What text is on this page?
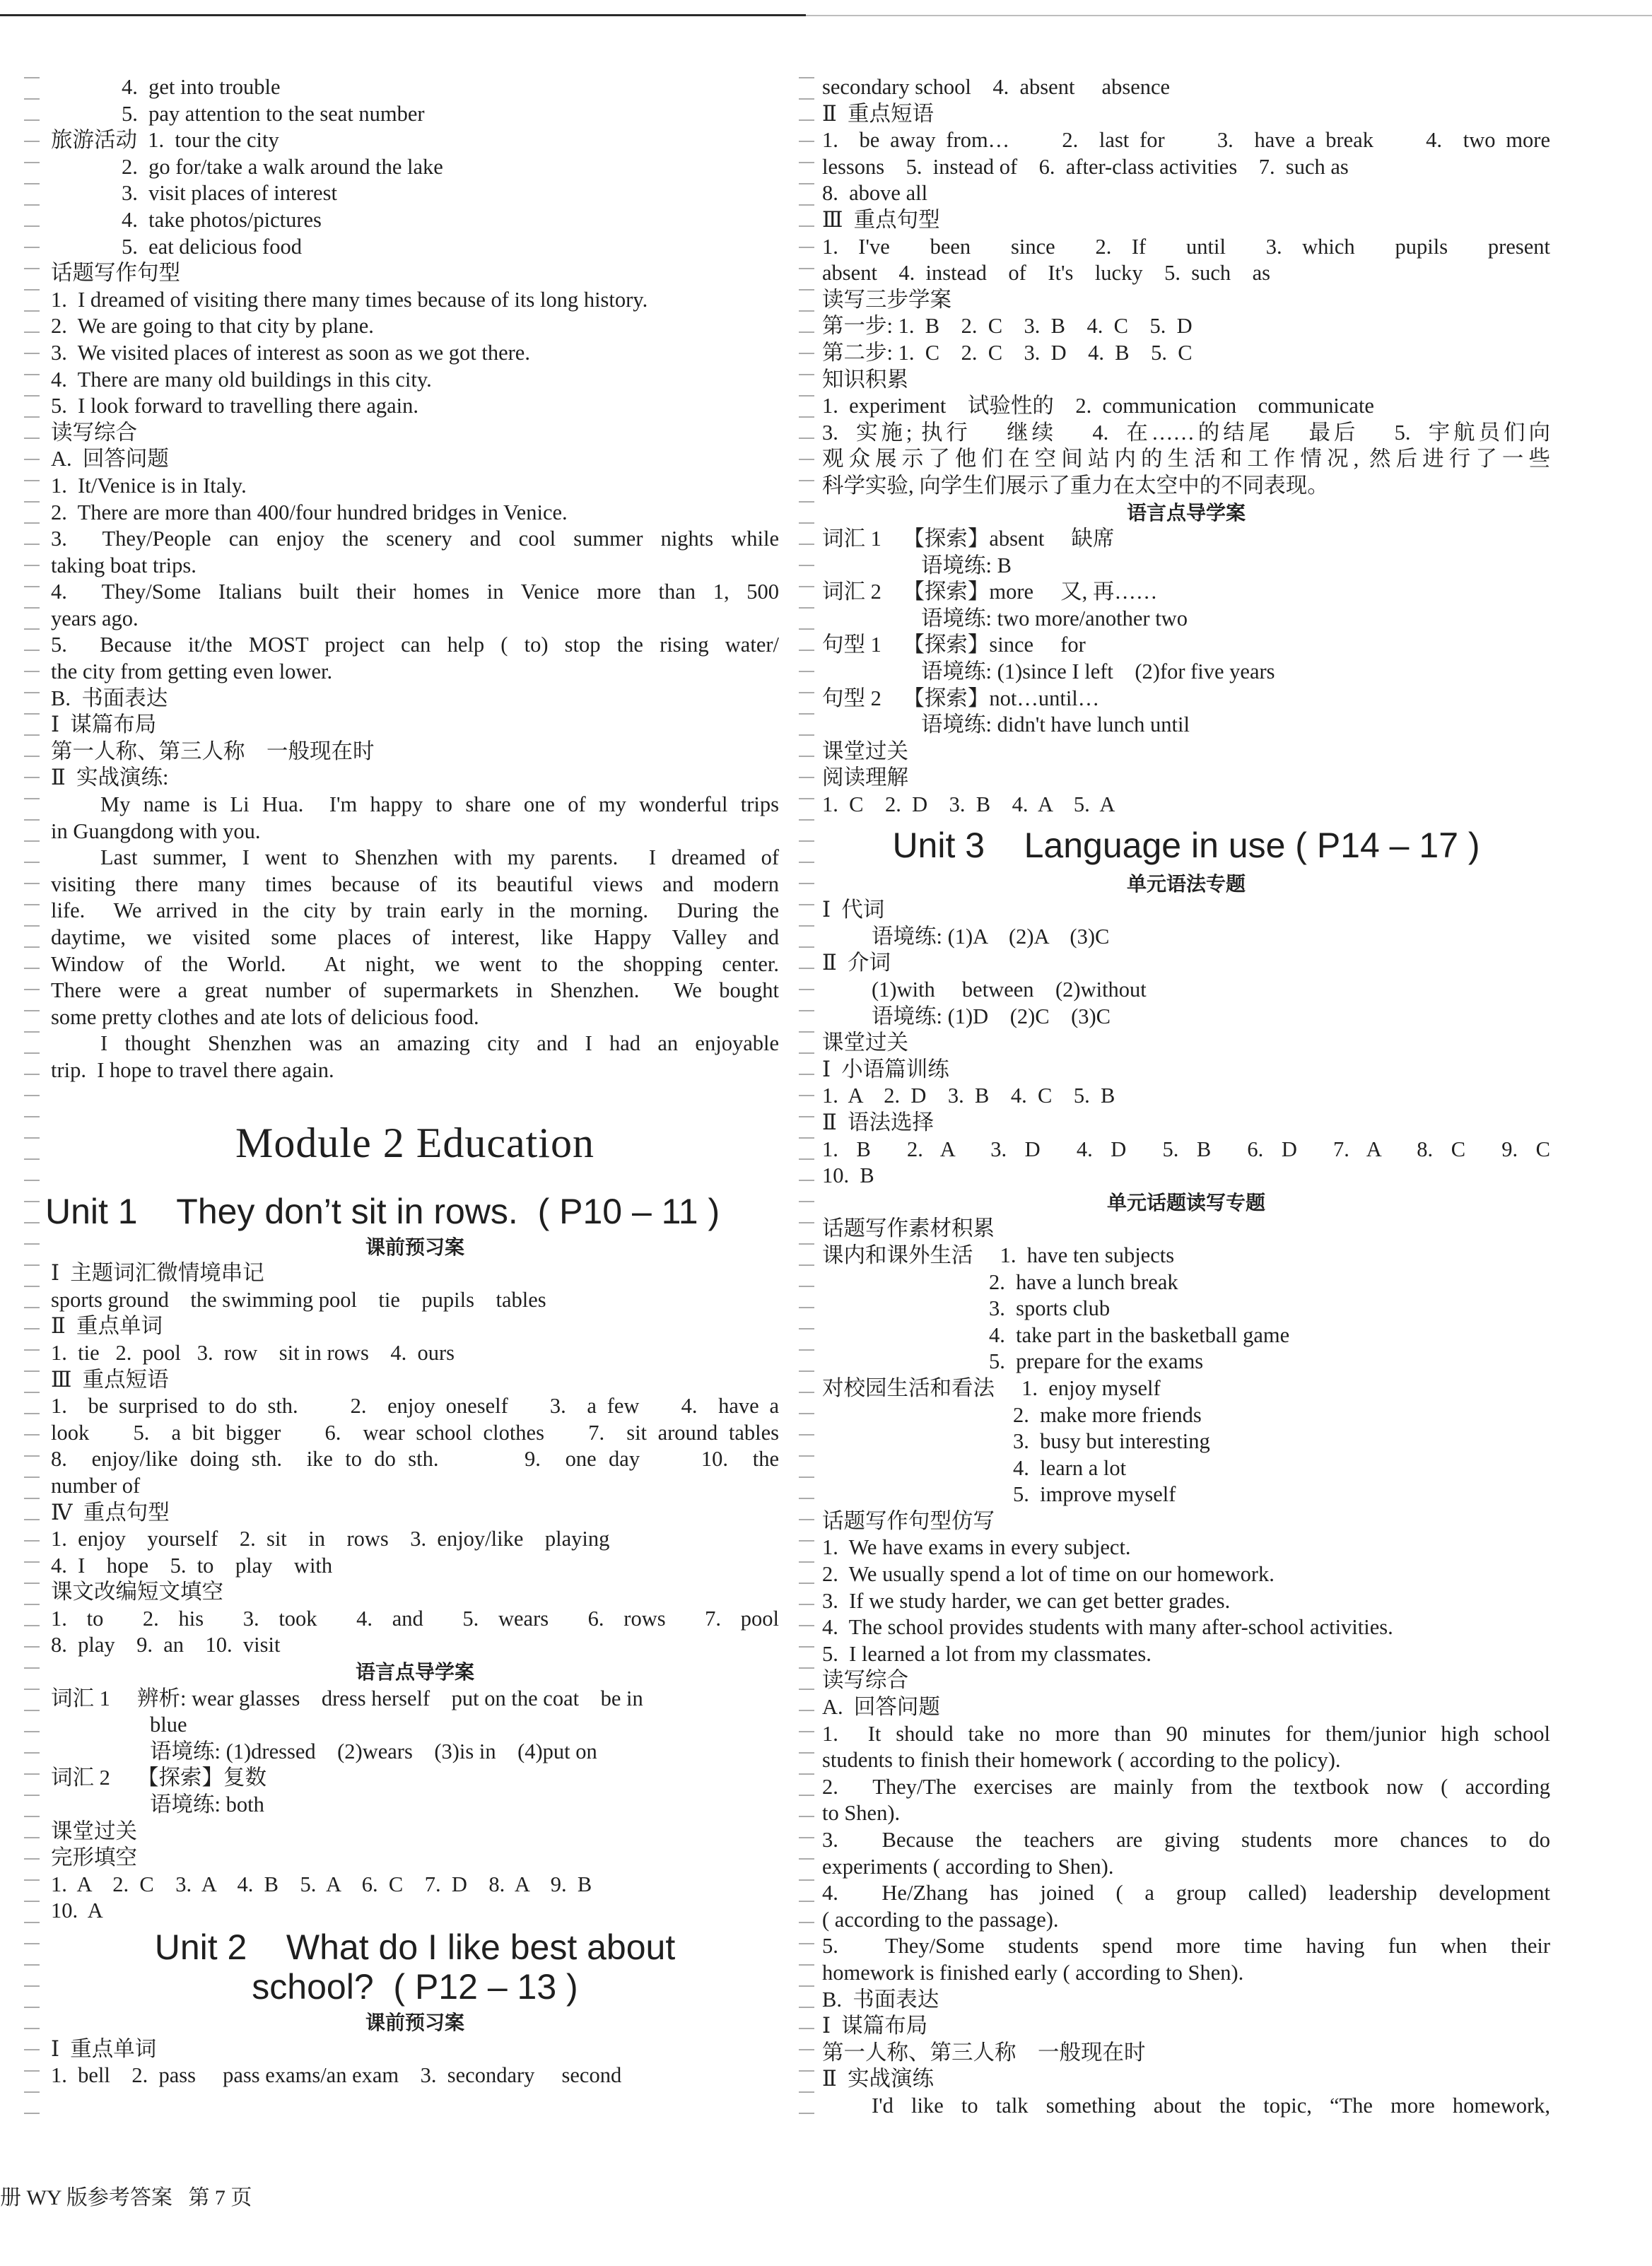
4.  get into trouble
5.  pay attention to the seat number
旅游活动  1.  tour the city
2.  go for/take a walk around the lake
3.  visit places of interest
4.  take photos/pictures
5.  eat delicious food
话题写作句型
1.  I dreamed of visiting there many times because of its long history.
2.  We are going to that city by plane.
3.  We visited places of interest as soon as we got there.
4.  There are many old buildings in this city.
5.  I look forward to travelling there again.
读写综合
A.  回答问题
1.  It/Venice is in Italy.
2.  There are more than 400/four hundred bridges in Venice.
3.  They/People can enjoy the scenery and cool summer nights while
taking boat trips.
4.  They/Some Italians built their homes in Venice more than 1, 500
years ago.
5.  Because it/the MOST project can help ( to) stop the rising water/
the city from getting even lower.
B.  书面表达
Ⅰ  谋篇布局
第一人称、第三人称    一般现在时
Ⅱ  实战演练:
My name is Li Hua.  I'm happy to share one of my wonderful trips
in Guangdong with you.
Last summer, I went to Shenzhen with my parents.  I dreamed of
visiting there many times because of its beautiful views and modern
life.  We arrived in the city by train early in the morning.  During the
daytime, we visited some places of interest, like Happy Valley and
Window of the World.  At night, we went to the shopping center.
There were a great number of supermarkets in Shenzhen.  We bought
some pretty clothes and ate lots of delicious food.
I thought Shenzhen was an amazing city and I had an enjoyable
trip.  I hope to travel there again.
Module 2 Education
Unit 1    They don’t sit in rows.  ( P10 – 11 )
课前预习案
Ⅰ  主题词汇微情境串记
sports ground    the swimming pool    tie    pupils    tables
Ⅱ  重点单词
1.  tie   2.  pool   3.  row    sit in rows    4.  ours
Ⅲ  重点短语
1.  be surprised to do sth.     2.  enjoy oneself    3.  a few    4.  have a
look    5.  a bit bigger    6.  wear school clothes    7.  sit around tables
8.  enjoy/like doing sth.  ike to do sth.       9.  one day     10.  the
number of
Ⅳ  重点句型
1.  enjoy    yourself    2.  sit    in    rows    3.  enjoy/like    playing
4.  I    hope    5.  to    play    with
课文改编短文填空
1.  to    2.  his    3.  took    4.  and    5.  wears    6.  rows    7.  pool
8.  play    9.  an    10.  visit
语言点导学案
词汇 1     辨析: wear glasses    dress herself    put on the coat    be in
blue
语境练: (1)dressed    (2)wears    (3)is in    (4)put on
词汇 2     【探索】复数
语境练: both
课堂过关
完形填空
1.  A    2.  C    3.  A    4.  B    5.  A    6.  C    7.  D    8.  A    9.  B
10.  A
Unit 2    What do I like best about
school?  ( P12 – 13 )
课前预习案
Ⅰ  重点单词
1.  bell    2.  pass     pass exams/an exam    3.  secondary     second
secondary school    4.  absent     absence
Ⅱ  重点短语
1.  be away from…     2.  last for     3.  have a break     4.  two more
lessons    5.  instead of    6.  after-class activities    7.  such as
8.  above all
Ⅲ  重点句型
1.  I've    been    since    2.  If    until    3.  which    pupils    present
absent    4.  instead    of    It's    lucky    5.  such    as
读写三步学案
第一步: 1.  B    2.  C    3.  B    4.  C    5.  D
第二步: 1.  C    2.  C    3.  D    4.  B    5.  C
知识积累
1.  experiment    试验性的    2.  communication    communicate
3.  实施; 执行    继续    4.  在……的结尾    最后    5.  宇航员们向
观众展示了他们在空间站内的生活和工作情况, 然后进行了一些
科学实验, 向学生们展示了重力在太空中的不同表现。
语言点导学案
词汇 1    【探索】absent     缺席
语境练: B
词汇 2    【探索】more     又, 再……
语境练: two more/another two
句型 1    【探索】since     for
语境练: (1)since I left    (2)for five years
句型 2    【探索】not…until…
语境练: didn't have lunch until
课堂过关
阅读理解
1.  C    2.  D    3.  B    4.  A    5.  A
Unit 3    Language in use ( P14 – 17 )
单元语法专题
Ⅰ  代词
语境练: (1)A    (2)A    (3)C
Ⅱ  介词
(1)with     between    (2)without
语境练: (1)D    (2)C    (3)C
课堂过关
Ⅰ  小语篇训练
1.  A    2.  D    3.  B    4.  C    5.  B
Ⅱ  语法选择
1.  B    2.  A    3.  D    4.  D    5.  B    6.  D    7.  A    8.  C    9.  C
10.  B
单元话题读写专题
话题写作素材积累
课内和课外生活     1.  have ten subjects
2.  have a lunch break
3.  sports club
4.  take part in the basketball game
5.  prepare for the exams
对校园生活和看法     1.  enjoy myself
2.  make more friends
3.  busy but interesting
4.  learn a lot
5.  improve myself
话题写作句型仿写
1.  We have exams in every subject.
2.  We usually spend a lot of time on our homework.
3.  If we study harder, we can get better grades.
4.  The school provides students with many after-school activities.
5.  I learned a lot from my classmates.
读写综合
A.  回答问题
1.  It should take no more than 90 minutes for them/junior high school
students to finish their homework ( according to the policy).
2.  They/The exercises are mainly from the textbook now ( according
to Shen).
3.  Because the teachers are giving students more chances to do
experiments ( according to Shen).
4.  He/Zhang has joined ( a group called) leadership development
( according to the passage).
5.  They/Some students spend more time having fun when their
homework is finished early ( according to Shen).
B.  书面表达
Ⅰ  谋篇布局
第一人称、第三人称    一般现在时
Ⅱ  实战演练
I'd like to talk something about the topic, “The more homework,
册 WY 版参考答案   第 7 页
